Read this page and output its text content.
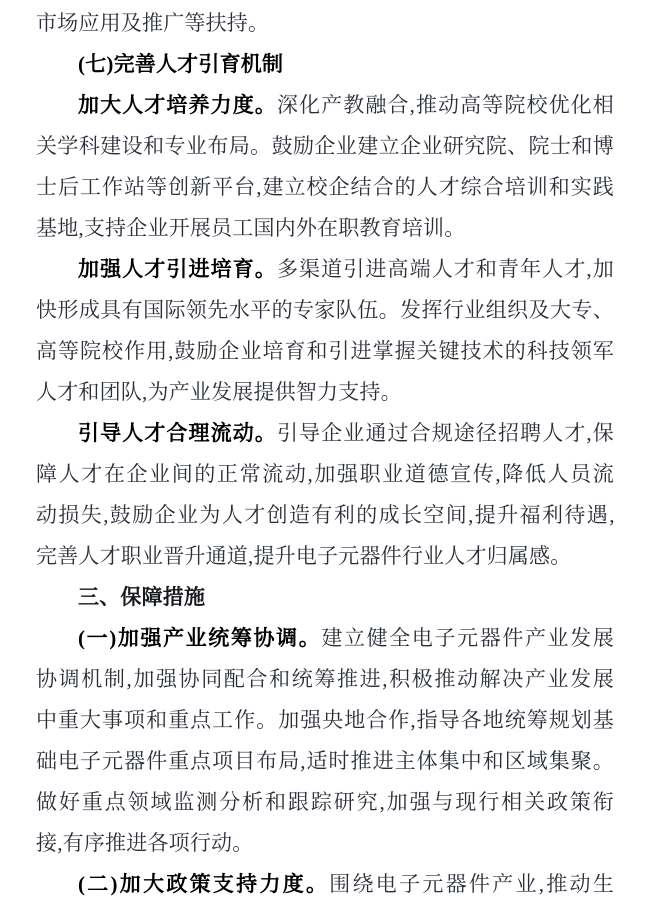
市场应用及推广等扶持。
(七)完善人才引育机制
加大人才培养力度。深化产教融合,推动高等院校优化相
关学科建设和专业布局。鼓励企业建立企业研究院、院士和博
士后工作站等创新平台,建立校企结合的人才综合培训和实践
基地,支持企业开展员工国内外在职教育培训。
加强人才引进培育。多渠道引进高端人才和青年人才,加
快形成具有国际领先水平的专家队伍。发挥行业组织及大专、
高等院校作用,鼓励企业培育和引进掌握关键技术的科技领军
人才和团队,为产业发展提供智力支持。
引导人才合理流动。引导企业通过合规途径招聘人才,保
障人才在企业间的正常流动,加强职业道德宣传,降低人员流
动损失,鼓励企业为人才创造有利的成长空间,提升福利待遇,
完善人才职业晋升通道,提升电子元器件行业人才归属感。
三、保障措施
(一)加强产业统筹协调。建立健全电子元器件产业发展
协调机制,加强协同配合和统筹推进,积极推动解决产业发展
中重大事项和重点工作。加强央地合作,指导各地统筹规划基
础电子元器件重点项目布局,适时推进主体集中和区域集聚。
做好重点领域监测分析和跟踪研究,加强与现行相关政策衔
接,有序推进各项行动。
(二)加大政策支持力度。围绕电子元器件产业,推动生
